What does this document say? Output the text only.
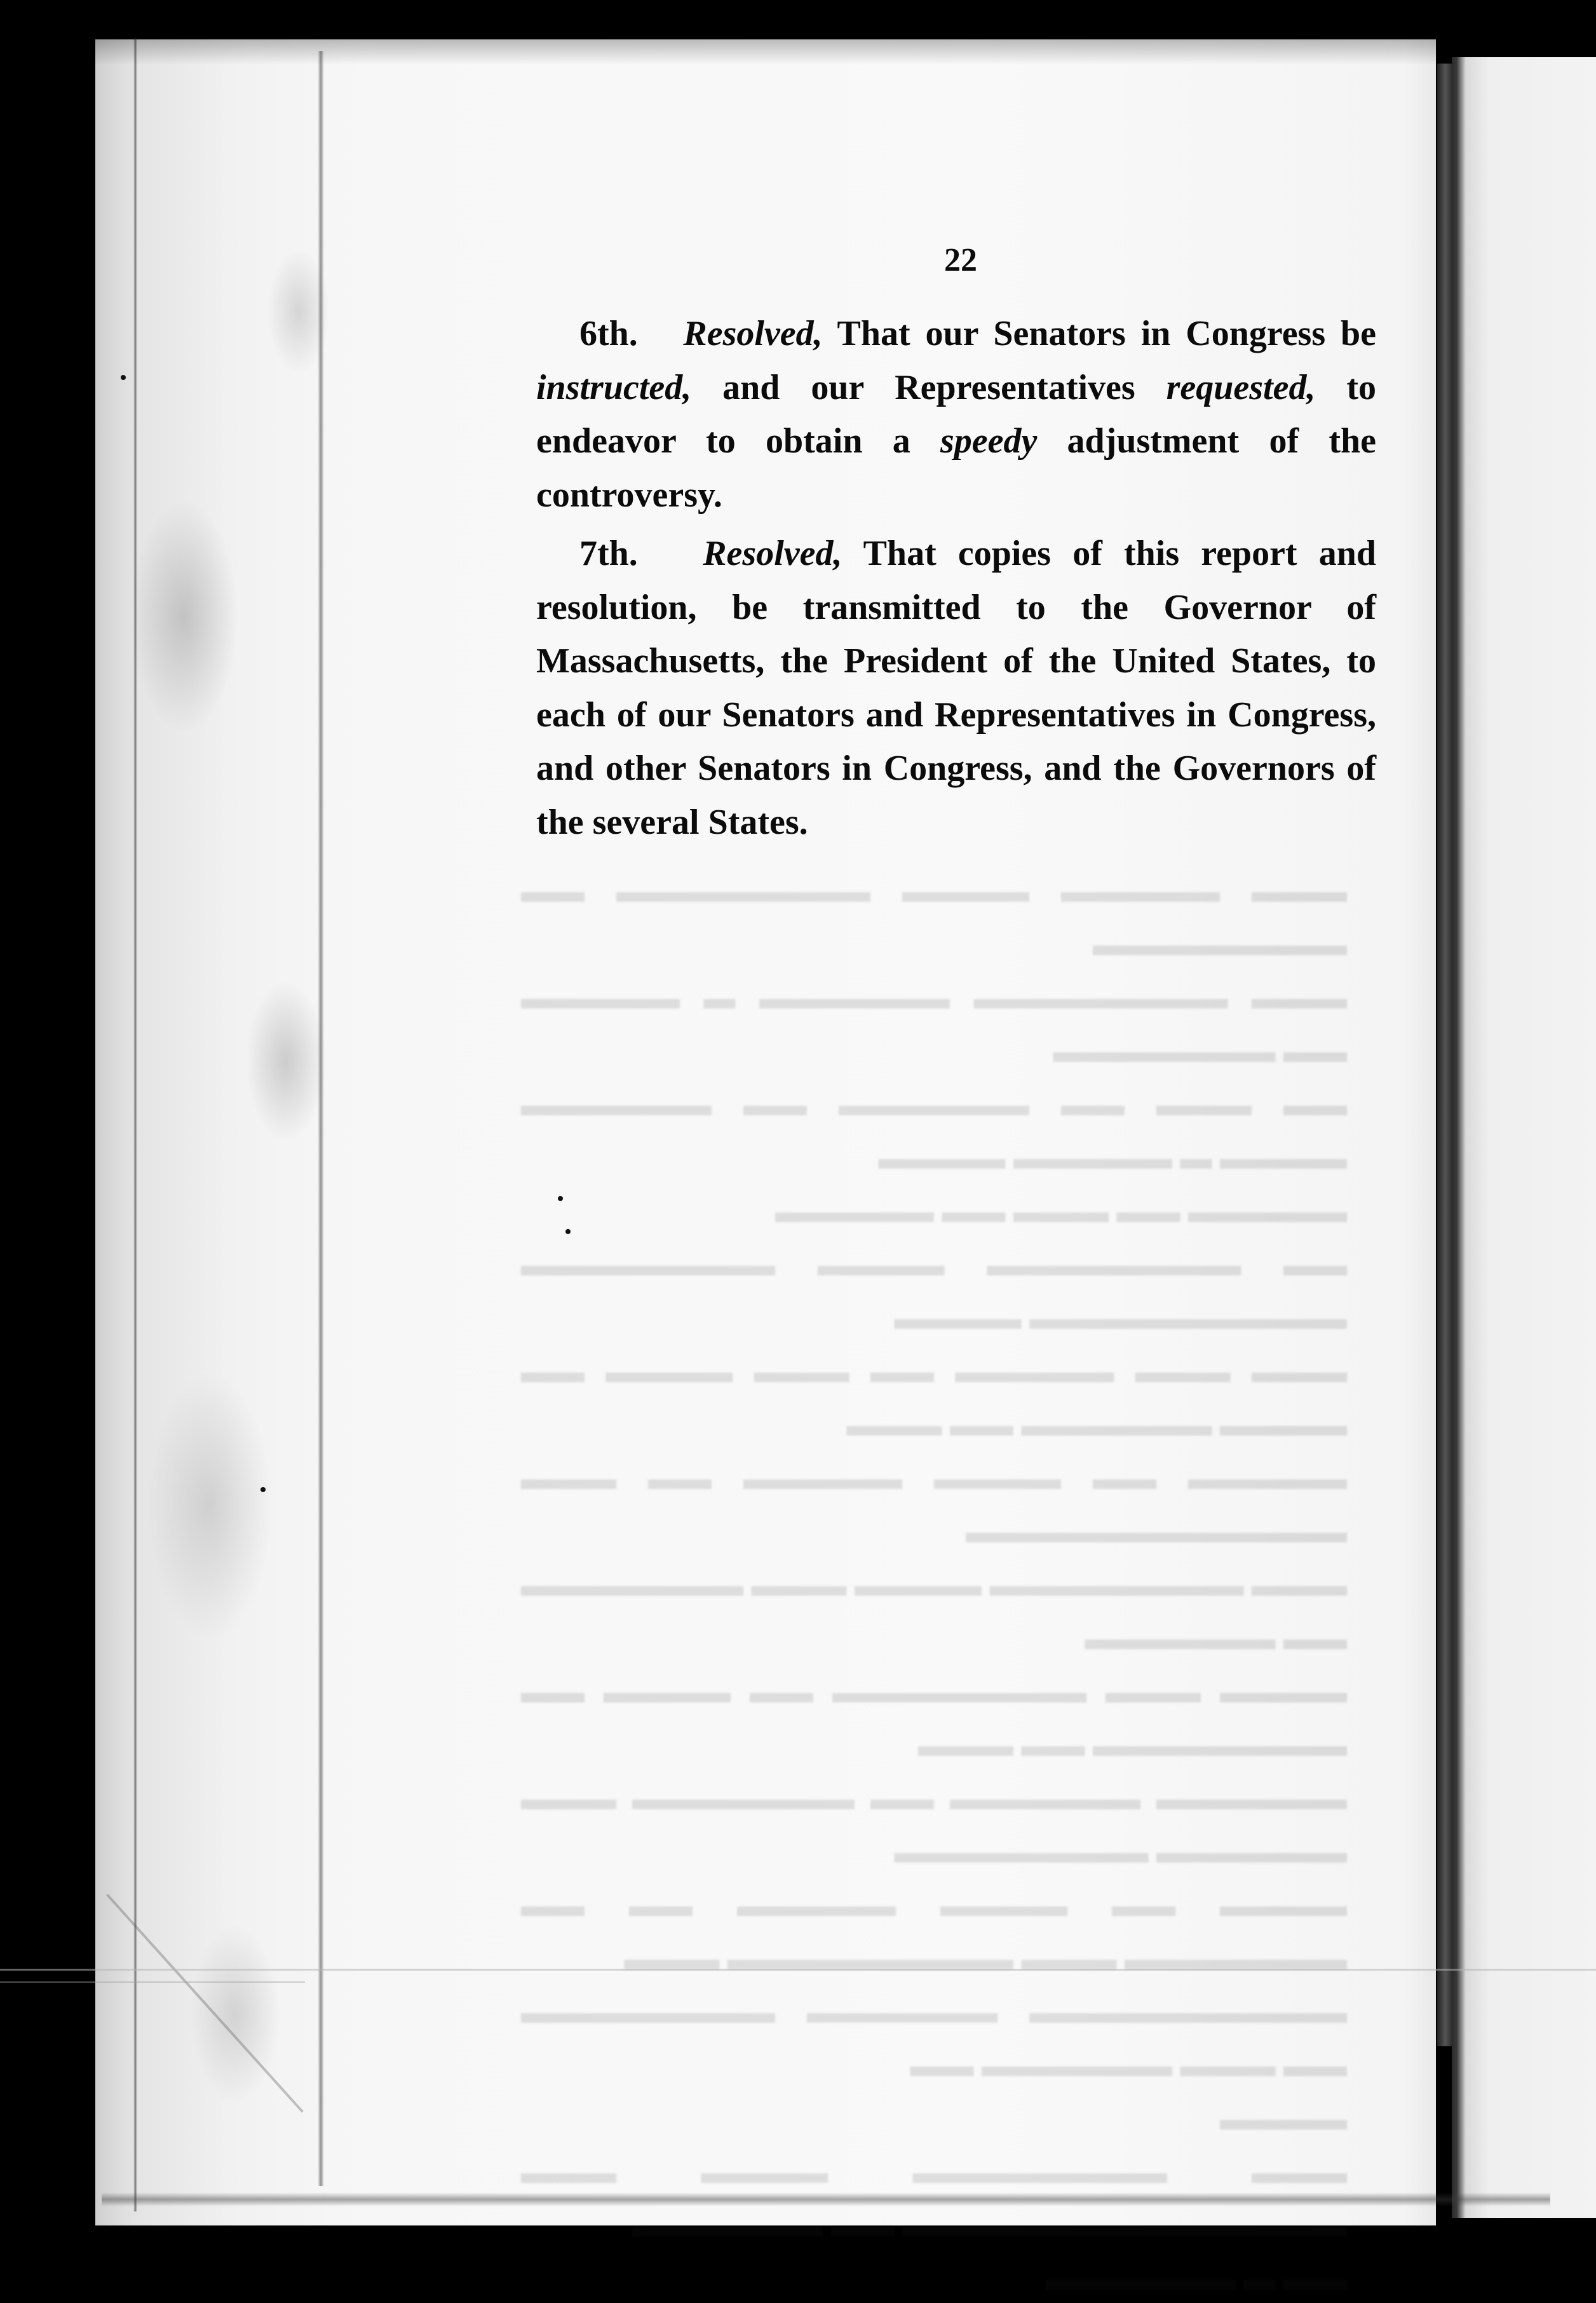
▬▬▬ ▬▬▬▬▬ ▬▬▬▬ ▬▬▬▬▬▬▬▬ ▬▬ ▬▬▬▬▬▬▬▬

▬▬▬ ▬▬▬▬▬▬▬▬ ▬▬▬▬▬▬ ▬ ▬▬▬▬▬ ▬▬ ▬▬▬▬▬▬▬

▬▬ ▬▬▬ ▬▬ ▬▬▬▬▬▬ ▬▬ ▬▬▬▬▬▬ ▬▬▬▬ ▬ ▬▬▬▬▬ ▬▬▬▬

▬▬▬▬▬ ▬▬ ▬▬▬ ▬▬ ▬▬▬▬▬

▬▬ ▬▬▬▬▬▬▬▬ ▬▬▬▬ ▬▬▬▬▬▬▬▬ ▬▬▬▬▬▬▬▬▬▬ ▬▬▬▬

▬▬▬ ▬▬▬ ▬▬▬▬▬ ▬▬ ▬▬▬ ▬▬▬▬ ▬▬ ▬▬▬▬ ▬▬▬▬▬▬ ▬▬ ▬▬▬

▬▬▬▬▬ ▬▬ ▬▬▬▬ ▬▬▬▬▬ ▬▬ ▬▬▬ ▬▬▬▬▬▬▬▬▬▬▬▬

▬▬▬ ▬▬▬▬▬▬▬▬ ▬▬▬▬ ▬▬▬ ▬▬▬▬▬▬▬ ▬▬ ▬▬▬▬▬▬

▬▬▬▬ ▬▬▬ ▬▬▬▬▬▬▬▬ ▬▬ ▬▬▬▬ ▬▬ ▬▬▬▬▬▬▬▬ ▬▬ ▬▬▬

▬▬▬▬▬▬ ▬▬▬▬▬▬ ▬▬ ▬▬▬▬▬▬▬ ▬▬▬ ▬▬▬▬▬▬ ▬▬▬▬▬▬▬▬

▬▬▬▬ ▬▬ ▬▬▬▬ ▬▬▬▬▬ ▬▬ ▬▬ ▬▬▬▬▬▬▬ ▬▬▬ ▬▬▬▬▬▬▬▬▬ ▬▬▬

▬▬▬▬▬▬▬▬▬▬ ▬▬▬▬▬▬ ▬▬▬▬▬▬▬▬ ▬▬ ▬▬▬ ▬▬▬▬▬▬ ▬▬

▬▬▬▬

▬▬▬ ▬▬▬▬▬▬▬▬ ▬▬▬▬ ▬▬▬ ▬▬▬▬▬▬▬▬▬▬▬▬▬▬ ▬▬ ▬▬▬▬▬▬

▬▬ ▬ ▬▬▬▬▬▬

22

6th. Resolved, That our Senators in Congress be instructed, and our Representatives requested, to endeavor to obtain a speedy adjustment of the controversy.

7th. Resolved, That copies of this report and resolution, be transmitted to the Governor of Massachusetts, the President of the United States, to each of our Senators and Representatives in Congress, and other Senators in Congress, and the Governors of the several States.
